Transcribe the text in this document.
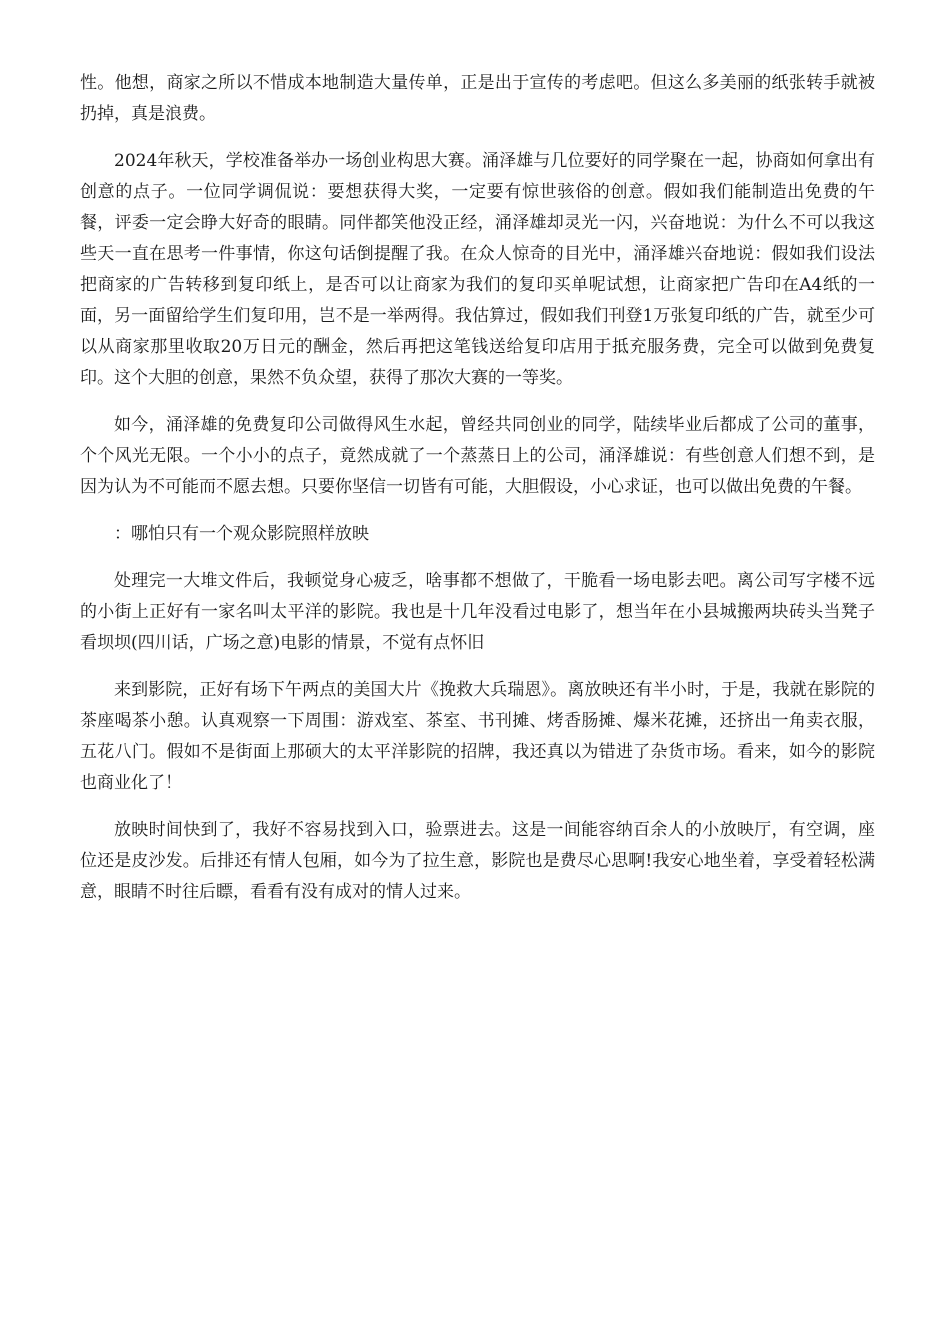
性。他想，商家之所以不惜成本地制造大量传单，正是出于宣传的考虑吧。但这么多美丽的纸张转手就被扔掉，真是浪费。

2024年秋天，学校准备举办一场创业构思大赛。涌泽雄与几位要好的同学聚在一起，协商如何拿出有创意的点子。一位同学调侃说：要想获得大奖，一定要有惊世骇俗的创意。假如我们能制造出免费的午餐，评委一定会睁大好奇的眼睛。同伴都笑他没正经，涌泽雄却灵光一闪，兴奋地说：为什么不可以我这些天一直在思考一件事情，你这句话倒提醒了我。在众人惊奇的目光中，涌泽雄兴奋地说：假如我们设法把商家的广告转移到复印纸上，是否可以让商家为我们的复印买单呢试想，让商家把广告印在A4纸的一面，另一面留给学生们复印用，岂不是一举两得。我估算过，假如我们刊登1万张复印纸的广告，就至少可以从商家那里收取20万日元的酬金，然后再把这笔钱送给复印店用于抵充服务费，完全可以做到免费复印。这个大胆的创意，果然不负众望，获得了那次大赛的一等奖。

如今，涌泽雄的免费复印公司做得风生水起，曾经共同创业的同学，陆续毕业后都成了公司的董事，个个风光无限。一个小小的点子，竟然成就了一个蒸蒸日上的公司，涌泽雄说：有些创意人们想不到，是因为认为不可能而不愿去想。只要你坚信一切皆有可能，大胆假设，小心求证，也可以做出免费的午餐。

：哪怕只有一个观众影院照样放映

处理完一大堆文件后，我顿觉身心疲乏，啥事都不想做了，干脆看一场电影去吧。离公司写字楼不远的小街上正好有一家名叫太平洋的影院。我也是十几年没看过电影了，想当年在小县城搬两块砖头当凳子看坝坝(四川话，广场之意)电影的情景，不觉有点怀旧

来到影院，正好有场下午两点的美国大片《挽救大兵瑞恩》。离放映还有半小时，于是，我就在影院的茶座喝茶小憩。认真观察一下周围：游戏室、茶室、书刊摊、烤香肠摊、爆米花摊，还挤出一角卖衣服，五花八门。假如不是街面上那硕大的太平洋影院的招牌，我还真以为错进了杂货市场。看来，如今的影院也商业化了！

放映时间快到了，我好不容易找到入口，验票进去。这是一间能容纳百余人的小放映厅，有空调，座位还是皮沙发。后排还有情人包厢，如今为了拉生意，影院也是费尽心思啊!我安心地坐着，享受着轻松满意，眼睛不时往后瞟，看看有没有成对的情人过来。
